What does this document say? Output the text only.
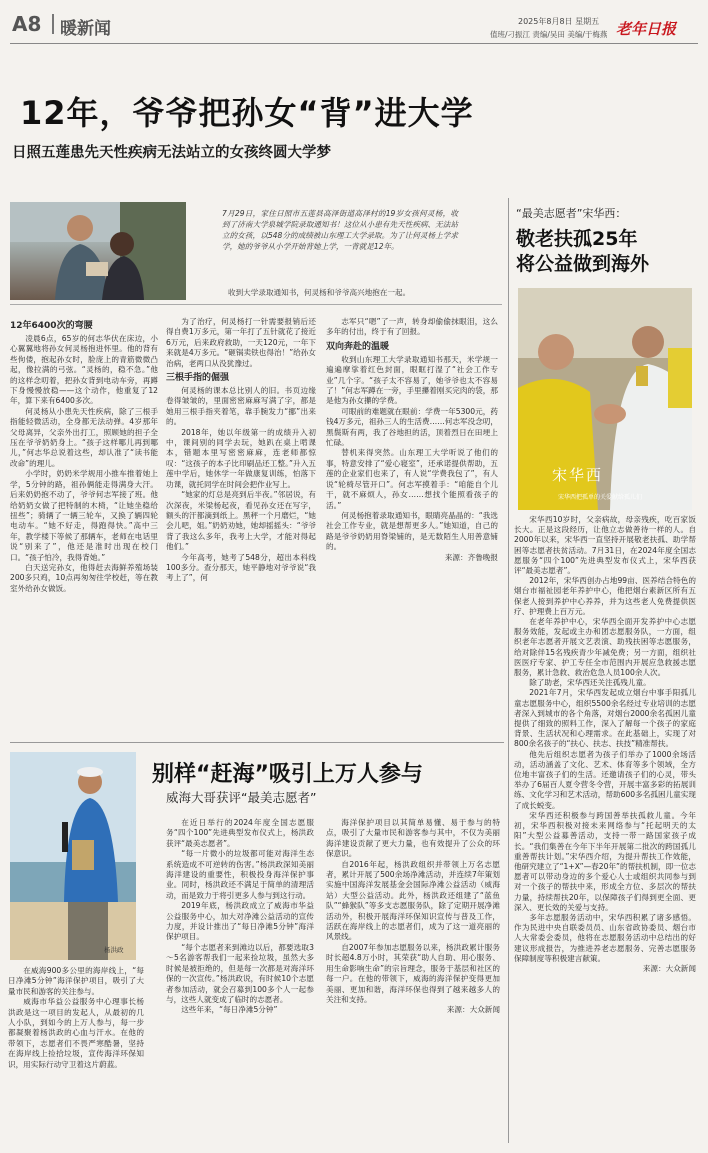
A8 暖新闻	2025年8月8日 星期五
值班/刁振江 责编/吴田 美编/于梅燕 老年日报
12年，爷爷把孙女“背”进大学
日照五莲患先天性疾病无法站立的女孩终圆大学梦
7月29日，家住日照市五莲县高泽街道高泽村的19岁女孩何灵杨，收到了济南大学泉城学院录取通知书！这位从小患有先天性疾病、无法站立的女孩，以548分的成绩被山东理工大学录取。为了让何灵杨上学求学，她的爷爷从小学开始背她上学，一背就是12年。
收到大学录取通知书，何灵杨和爷爷高兴地抱在一起。
12年6400次的弯腰

凌晨6点，65岁的何志华伏在床边，小心翼翼地将孙女何灵杨抱进怀里。他的背有些佝偻，抱起孙女时，脸庞上的青筋微微凸起，像拉满的弓弦。“灵杨的，稳不急。”他的这样念叨着，把孙女背到电动车旁，再蹲下身慢慢放稳——这个动作，他重复了12年，算下来有6400多次。

何灵杨从小患先天性疾病，除了三根手指能轻微活动，全身都无法动弹。4岁那年父母离异，父亲外出打工，照顾她的担子全压在爷爷奶奶身上。“孩子这样哪儿再到哪儿，”何志华总说着这些，却认准了“读书能改命”的理儿。

小学时，奶奶米学规用小推车推着她上学，5分钟的路，祖孙俩能走得满身大汗。后来奶奶抱不动了，爷爷何志军接了班。他给奶奶女做了把特制的木椅，“让她坐稳给扭些”；骑辆了一辆三轮车，又换了辆四轮电动车。“她不好走，得跑得快。”高中三年，教学楼下等候了那辆车，老师在电话里说“别来了”，他还是准时出现在校门口。“孩子怕冷，我得背她。”

白天送完孙女，他得赶去海鲜养殖场装200多只鸡，10点再匆匆往学校赶，等在教室外给孙女做饭。

为了治疗，何灵杨打一针需要报销后还得自费1万多元，第一年打了五针就花了接近6万元，后来政府救助，一天120元，一年下来就是4万多元。“砸锅卖铁也得治！”给孙女治病，老两口从没犹豫过。

三根手指的倔强

何灵杨的课本总比别人的旧。书页边缘卷得皱皱的，里面密密麻麻写满了字，都是她用三根手指夹着笔，靠手腕发力“挪”出来的。

2018年，她以年级第一的成绩升入初中，课间别的同学去玩，她趴在桌上啃课本，错题本里写密密麻麻，连老师都惊叹：“这孩子的本子比印刷品还工整。”升入五莲中学后，她休学一年做康复训练，怕落下功课，就托同学在时间会把作业写上。

“她家的灯总是亮到后半夜。”邻居说，有次深夜，米梁杨起夜，看见孙女还在写字，额头的汗都滴到纸上。黑秤一个月磨烂，“她会儿吧，姐。”奶奶劝她，她却摇摇头：“爷爷背了我这么多年，我考上大学，才能对得起他们。”

今年高考，她考了548分，超出本科线100多分。查分那天，她平静地对爷爷说“我考上了”，何

志军只“嗯”了一声，转身却偷偷抹眼泪，这么多年的付出，终于有了回报。

双向奔赴的温暖

收到山东理工大学录取通知书那天，米学规一遍遍摩挲着红色封面，眼眶打湿了“社会工作专业”几个字。“孩子太不容易了，她爷爷也太不容易了！”何志军蹲在一旁，手里攥着刚买完肉的袋，那是他为孙女攥的学费。

可眼前的难题就在眼前：学费一年5300元，药钱4万多元，祖孙三人的生活费……何志军没念叨，黑鬓斯有两，我了谷地担的活，顶着烈日在田埂上忙碌。

替机来得突然。山东理工大学听说了他们的事，特意安排了“爱心寝室”，还承诺提供帮助，五莲的企业家们也来了，有人说“学费我包了”，有人说“轮椅尽管开口”。何志军摸着手：“咱能自个儿干，就不麻烦人，孙女……想找个能照看孩子的活。”

何灵杨抱着录取通知书，眼睛亮晶晶的：“我选社会工作专业，就是想帮更多人。”她知道，自己的路是爷爷奶奶用脊梁铺的，是无数陌生人用善意铺的。

来源：齐鲁晚报

“最美志愿者”宋华西：
敬老扶孤25年
将公益做到海外
宋华西
宋华西把孤单的关爱献给孤儿们

宋华西10岁时，父亲病故，母亲残疾，吃百家饭长大。正是这段经历，让他立志做善待一样的人。自2000年以来，宋华西一直坚持开展敬老扶孤、助学帮困等志愿者扶贫活动。7月31日，在2024年度全国志愿服务“四个100”先进典型发布仪式上，宋华西获评“最美志愿者”。

2012年，宋华西创办占地99亩、医养结合特色的烟台市福祉园老年养护中心，他把烟台素新区所有五保老人接到养护中心养养，并为这些老人免费提供医疗、护理费上百万元。

在老年养护中心，宋华西全面开发养护中心志愿服务效能，发起或主办和团志愿服务队，一方面，组织老年志愿者开展文艺表演、助残扶困等志愿服务，给对除伴15名残疾青少年减免费；另一方面，组织社医医疗专家、护工专任全市范围内开展应急救援志愿服务，累计急救、救治危急人员100余人次。

除了助老，宋华西还关注孤残儿童。

2021年7月，宋华西发起成立烟台中事手阳孤儿童志愿服务中心，组织5500余名经过专业培训的志愿者深入到城市的各个角落，对烟台2000余名孤困儿童提供了细致的照料工作，深入了解每一个孩子的家庭背景、生活状况和心理需求。在此基础上，实现了对800余名孩子的“扶心、扶志、扶技”精准帮扶。

他先后组织志愿者为孩子们举办了1000余场活动，活动涵盖了文化、艺术、体育等多个领域，全方位地丰富孩子们的生活。还邀请孩子们的心灵，带头举办了6届百人夏令营冬令营，开展丰富多彩的拓展训练、文化学习和艺术活动，帮助600多名孤困儿童实现了成长蜕变。

宋华西还积极参与跨国善举扶孤救儿童。今年初，宋华西积极对接未来网络参与“托起明天的太阳”大型公益募善活动，支持一带一路国家孩子成长。“我们集善在今年下半年开展第二批次的跨国孤儿重善帮扶计划。”宋华西介绍，为提升帮扶工作效能，他研究建立了“1+X”—春20年”的帮扶机制，即一位志愿者可以带动身边的多个爱心人士或组织共同参与到对一个孩子的帮扶中来，形成全方位、多层次的帮扶力量，持续帮扶20年，以保障孩子们得到更全面、更深入、更长效的关爱与支持。

多年志愿服务活动中，宋华西积累了诸多感悟。作为民进中央自联委员员、山东省政协委员、烟台市人大常委会委员，他将在志愿服务活动中总结出的好建议形成报告，为推进养老志愿服务、完善志愿服务保障制度等积极建言献策。

来源：大众新闻

别样“赶海”吸引上万人参与
威海大哥获评“最美志愿者”
杨洪政

在威海900多公里的海岸线上，“每日净滩5分钟”海洋保护项目，吸引了大量市民和游客的关注参与。

威海市华益公益服务中心理事长杨洪政是这一项目的发起人，从最初的几人小队，到如今的上万人参与，每一步都凝聚着杨洪政的心血与汗水。在他的带领下，志愿者们不畏严寒酷暑，坚持在海岸线上捡拾垃圾，宣传海洋环保知识，用实际行动守卫着这片蔚蓝。

在近日举行的2024年度全国志愿服务“四个100”先进典型发布仪式上，杨洪政获评“最美志愿者”。

“每一片微小的垃圾都可能对海洋生态系统造成不可逆转的伤害。”杨洪政深知美丽海洋建设的重要性，积极投身海洋保护事业。同时，杨洪政还不满足于简单的清理活动，而是致力于将引更多人参与到这行动。

2019年底，杨洪政成立了威海市华益公益服务中心，加大对净滩公益活动的宣传力度，并设计推出了“每日净滩5分钟”海洋保护项目。

“每个志愿者来到滩边以后，都要选取3～5名游客帮我们一起来捡垃圾，虽然大多时候是被拒绝的，但是每一次都是对海洋环保的一次宣传。”杨洪政说，有时候10个志愿者参加活动，就会召募到100多个人一起参与，这些人就变成了临时的志愿者。

这些年来，“每日净滩5分钟”

海洋保护项目以其简单易懂、易于参与的特点，吸引了大量市民和游客参与其中，不仅为美丽海洋建设贡献了更大力量，也有效提升了公众的环保意识。

自2016年起，杨洪政组织并带领上万名志愿者，累计开展了500余场净滩活动，并连续7年策划实施中国海洋发展基金会国际净滩公益活动（威海站）大型公益活动。此外，杨洪政还组建了“蓝鱼队”“蜂猴队”等多支志愿服务队，除了定期开展净滩活动外，积极开展海洋环保知识宣传与普及工作，活跃在海岸线上的志愿者们，成为了这一道亮丽的风景线。

自2007年参加志愿服务以来，杨洪政累计服务时长超4.8万小时，其荣获“助人自助、用心服务、用生命影响生命”的宗旨理念，服务于基层和社区的每一户。在他的带领下，威海的海洋保护变得更加美丽、更加和谐，海洋环保也得到了越来越多人的关注和支持。

来源：大众新闻
